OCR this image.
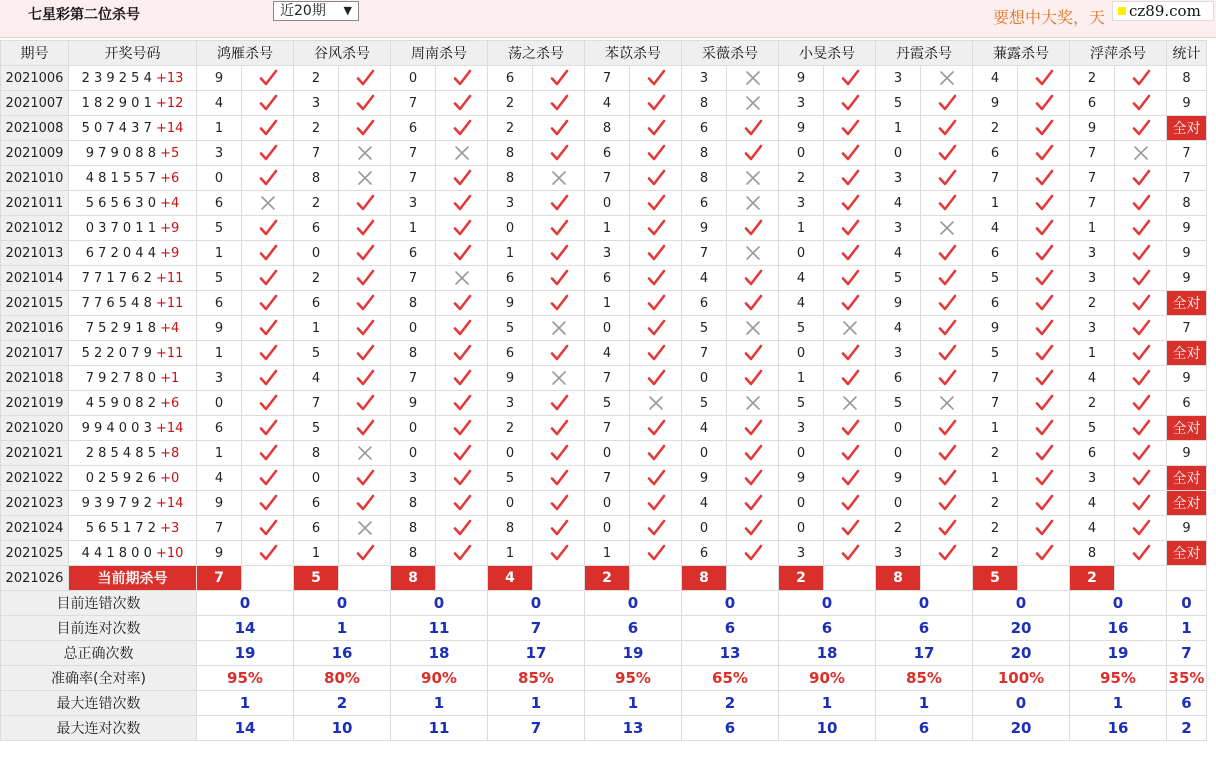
七星彩第二位杀号	近20期 ▼	要想中大奖，天	cz89.com
期号	开奖号码	鸿雁杀号		谷风杀号		周南杀号		荡之杀号		苯苡杀号		采薇杀号		小旻杀号		丹霞杀号		蒹露杀号		浮萍杀号		统计
2021006	2 3 9 2 5 4 +13	9		2		0		6		7		3		9		3		4		2		8
2021007	1 8 2 9 0 1 +12	4		3		7		2		4		8		3		5		9		6		9
2021008	5 0 7 4 3 7 +14	1		2		6		2		8		6		9		1		2		9		全对
2021009	9 7 9 0 8 8 +5	3		7		7		8		6		8		0		0		6		7		7
2021010	4 8 1 5 5 7 +6	0		8		7		8		7		8		2		3		7		7		7
2021011	5 6 5 6 3 0 +4	6		2		3		3		0		6		3		4		1		7		8
2021012	0 3 7 0 1 1 +9	5		6		1		0		1		9		1		3		4		1		9
2021013	6 7 2 0 4 4 +9	1		0		6		1		3		7		0		4		6		3		9
2021014	7 7 1 7 6 2 +11	5		2		7		6		6		4		4		5		5		3		9
2021015	7 7 6 5 4 8 +11	6		6		8		9		1		6		4		9		6		2		全对
2021016	7 5 2 9 1 8 +4	9		1		0		5		0		5		5		4		9		3		7
2021017	5 2 2 0 7 9 +11	1		5		8		6		4		7		0		3		5		1		全对
2021018	7 9 2 7 8 0 +1	3		4		7		9		7		0		1		6		7		4		9
2021019	4 5 9 0 8 2 +6	0		7		9		3		5		5		5		5		7		2		6
2021020	9 9 4 0 0 3 +14	6		5		0		2		7		4		3		0		1		5		全对
2021021	2 8 5 4 8 5 +8	1		8		0		0		0		0		0		0		2		6		9
2021022	0 2 5 9 2 6 +0	4		0		3		5		7		9		9		9		1		3		全对
2021023	9 3 9 7 9 2 +14	9		6		8		0		0		4		0		0		2		4		全对
2021024	5 6 5 1 7 2 +3	7		6		8		8		0		0		0		2		2		4		9
2021025	4 4 1 8 0 0 +10	9		1		8		1		1		6		3		3		2		8		全对
2021026	当前期杀号	7		5		8		4		2		8		2		8		5		2		
目前连错次数		0		0		0		0		0		0		0		0		0		0		0
目前连对次数		14		1		11		7		6		6		6		6		20		16		1
总正确次数		19		16		18		17		19		13		18		17		20		19		7
准确率(全对率)		95%		80%		90%		85%		95%		65%		90%		85%		100%		95%		35%
最大连错次数		1		2		1		1		1		2		1		1		0		1		6
最大连对次数		14		10		11		7		13		6		10		6		20		16		2
